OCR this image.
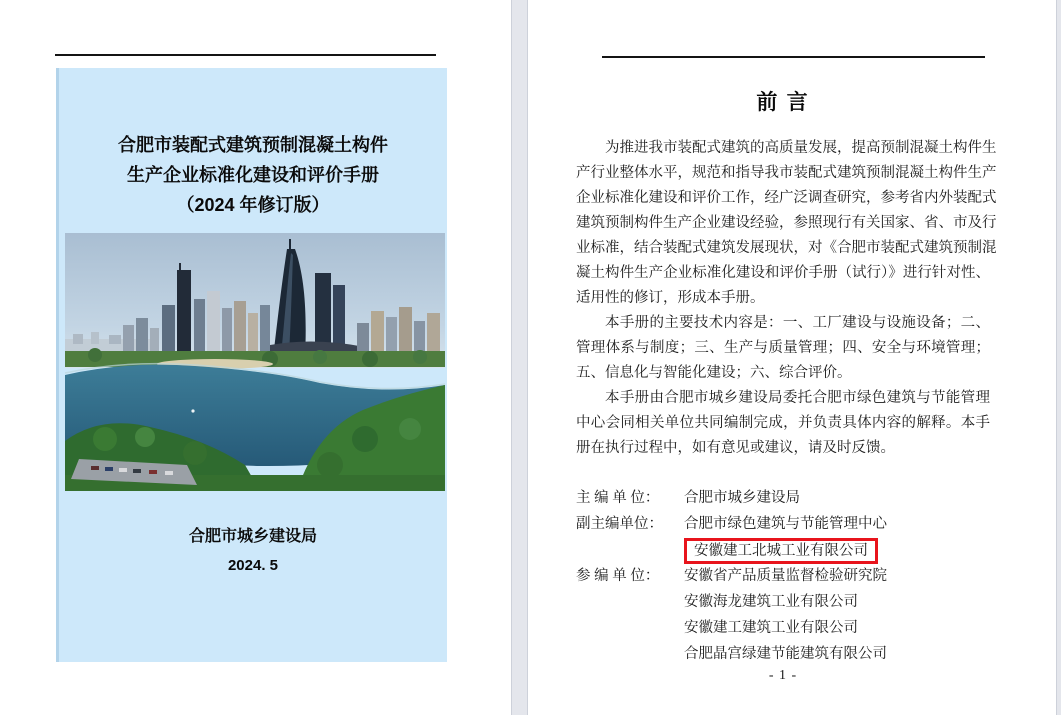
合肥市装配式建筑预制混凝土构件
生产企业标准化建设和评价手册
（2024 年修订版）
合肥市城乡建设局
2024. 5
前 言
为推进我市装配式建筑的高质量发展，提高预制混凝土构件生
产行业整体水平，规范和指导我市装配式建筑预制混凝土构件生产
企业标准化建设和评价工作，经广泛调查研究，参考省内外装配式
建筑预制构件生产企业建设经验，参照现行有关国家、省、市及行
业标准，结合装配式建筑发展现状，对《合肥市装配式建筑预制混
凝土构件生产企业标准化建设和评价手册（试行）》进行针对性、
适用性的修订，形成本手册。
本手册的主要技术内容是：一、工厂建设与设施设备；二、
管理体系与制度；三、生产与质量管理；四、安全与环境管理；
五、信息化与智能化建设；六、综合评价。
本手册由合肥市城乡建设局委托合肥市绿色建筑与节能管理
中心会同相关单位共同编制完成，并负责具体内容的解释。本手
册在执行过程中，如有意见或建议，请及时反馈。
主 编 单 位： 合肥市城乡建设局
副主编单位： 合肥市绿色建筑与节能管理中心
安徽建工北城工业有限公司
参 编 单 位： 安徽省产品质量监督检验研究院
安徽海龙建筑工业有限公司
安徽建工建筑工业有限公司
合肥晶宫绿建节能建筑有限公司
- 1 -
